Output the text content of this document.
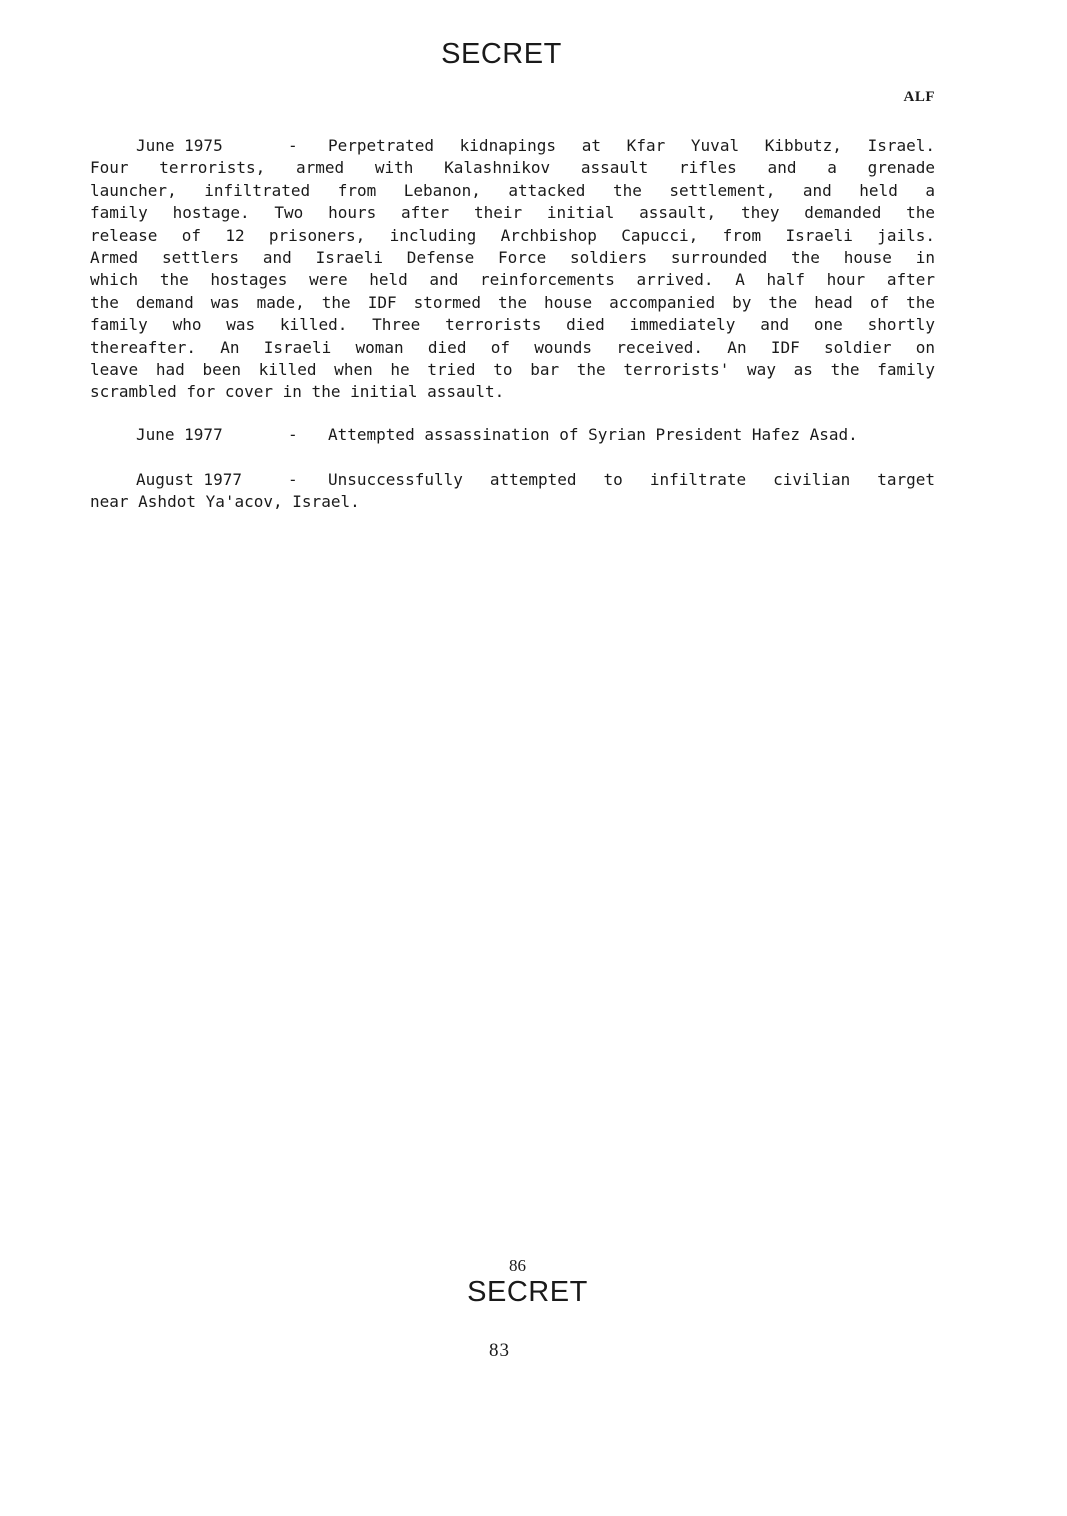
SECRET
ALF
June 1975	-	Perpetrated kidnapings at Kfar Yuval Kibbutz, Israel.
Four terrorists, armed with Kalashnikov assault rifles and a grenade
launcher, infiltrated from Lebanon, attacked the settlement, and held a
family hostage. Two hours after their initial assault, they demanded the
release of 12 prisoners, including Archbishop Capucci, from Israeli jails.
Armed settlers and Israeli Defense Force soldiers surrounded the house in
which the hostages were held and reinforcements arrived. A half hour after
the demand was made, the IDF stormed the house accompanied by the head of the
family who was killed. Three terrorists died immediately and one shortly
thereafter. An Israeli woman died of wounds received. An IDF soldier on
leave had been killed when he tried to bar the terrorists' way as the family
scrambled for cover in the initial assault.
June 1977	-	Attempted assassination of Syrian President Hafez Asad.
August 1977	-	Unsuccessfully attempted to infiltrate civilian target
near Ashdot Ya'acov, Israel.
86
SECRET
83
